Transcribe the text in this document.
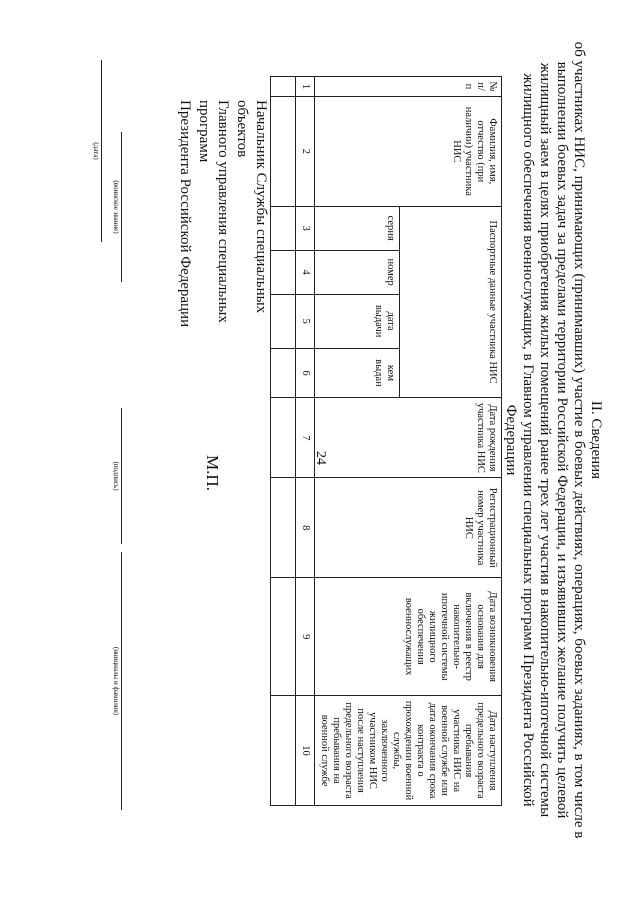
24	II. Сведения
об участниках НИС, принимающих (принимавших) участие в боевых действиях, операциях, боевых заданиях, в том числе в выполнении боевых задач за пределами территории Российской Федерации, и изъявивших желание получить целевой жилищный заем в целях приобретения жилых помещений ранее трех лет участия в накопительно-ипотечной системы жилищного обеспечения военнослужащих, в Главном управлении специальных программ Президента Российской Федерации
№ п/п	Фамилия, имя, отчество (при наличии) участника НИС	Паспортные данные участника НИС				Дата рождения участника НИС	Регистрационный номер участника НИС	Дата возникновения основания для включения в реестр накопительно-ипотечной системы жилищного обеспечения военнослужащих	Дата наступления предельного возраста пребывания участника НИС на военной службе или дата окончания срока контракта о прохождении военной службы, заключенного участником НИС после наступления предельного возраста пребывания на военной службе
		серия	номер	дата выдачи	кем выдан				
1	2	3	4	5	6	7	8	9	10

Начальник Службы специальных объектов
Главного управления специальных программ
Президента Российской Федерации
М.П.
(воинское звание)
(подпись)
(инициалы и фамилия)
(дата)
